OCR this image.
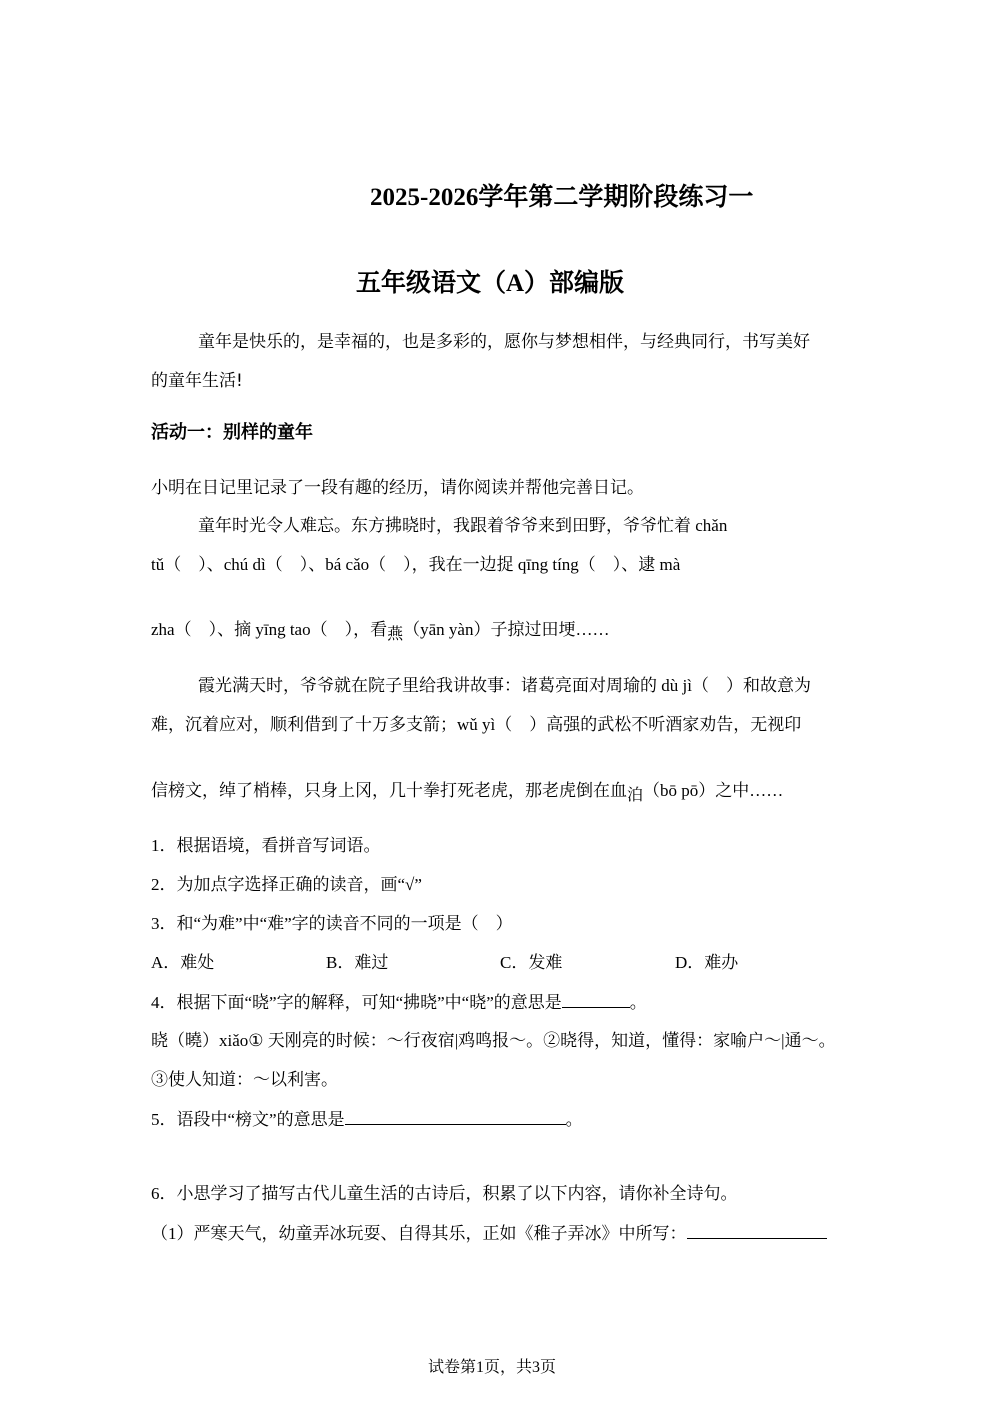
2025-2026学年第二学期阶段练习一
五年级语文（A）部编版
童年是快乐的，是幸福的，也是多彩的，愿你与梦想相伴，与经典同行，书写美好
的童年生活!
活动一：别样的童年
小明在日记里记录了一段有趣的经历，请你阅读并帮他完善日记。
童年时光令人难忘。东方拂晓时，我跟着爷爷来到田野，爷爷忙着 chǎn
tǔ（　）、chú dì（　）、bá cǎo（　），我在一边捉 qīng tíng（　）、逮 mà
zha（　）、摘 yīng tao（　），看燕（yān yàn）子掠过田埂……
霞光满天时，爷爷就在院子里给我讲故事：诸葛亮面对周瑜的 dù jì（　）和故意为
难，沉着应对，顺利借到了十万多支箭；wǔ yì（　）高强的武松不听酒家劝告，无视印
信榜文，绰了梢棒，只身上冈，几十拳打死老虎，那老虎倒在血泊（bō pō）之中……
1．根据语境，看拼音写词语。
2．为加点字选择正确的读音，画“√”
3．和“为难”中“难”字的读音不同的一项是（　）
A．难处	B．难过	C．发难	D．难办
4．根据下面“晓”字的解释，可知“拂晓”中“晓”的意思是	。
晓（曉）xiǎo① 天刚亮的时候：～行夜宿|鸡鸣报～。②晓得，知道，懂得：家喻户～|通～。
③使人知道：～以利害。
5．语段中“榜文”的意思是	。
6．小思学习了描写古代儿童生活的古诗后，积累了以下内容，请你补全诗句。
（1）严寒天气，幼童弄冰玩耍、自得其乐，正如《稚子弄冰》中所写：
试卷第1页，共3页
